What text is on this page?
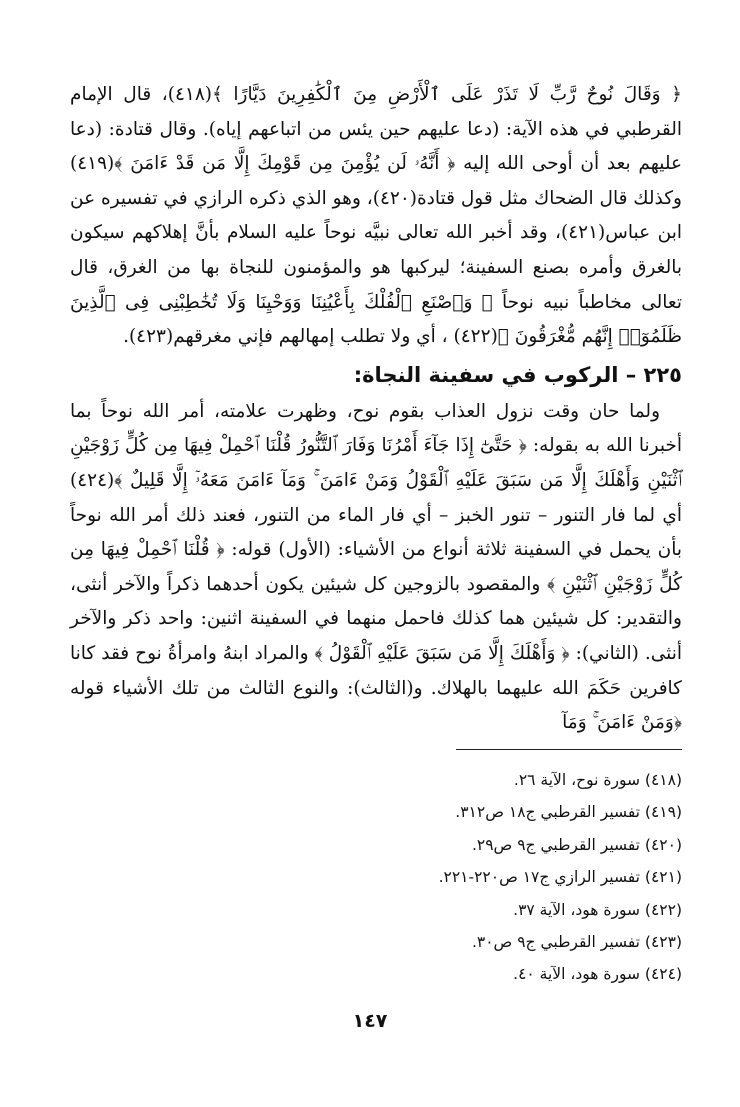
﴿ وَقَالَ نُوحٌ رَّبِّ لَا تَذَرْ عَلَى ٱلْأَرْضِ مِنَ ٱلْكَٰفِرِينَ دَيَّارًا ﴾(٤١٨)، قال الإمام القرطبي في هذه الآية: (دعا عليهم حين يئس من اتباعهم إياه). وقال قتادة: (دعا عليهم بعد أن أوحى الله إليه ﴿ أَنَّهُۥ لَن يُؤْمِنَ مِن قَوْمِكَ إِلَّا مَن قَدْ ءَامَنَ ﴾(٤١٩) وكذلك قال الضحاك مثل قول قتادة(٤٢٠)، وهو الذي ذكره الرازي في تفسيره عن ابن عباس(٤٢١)، وقد أخبر الله تعالى نبيَّه نوحاً عليه السلام بأنَّ إهلاكهم سيكون بالغرق وأمره بصنع السفينة؛ ليركبها هو والمؤمنون للنجاة بها من الغرق، قال تعالى مخاطباً نبيه نوحاً ﴿ وَٱصْنَعِ ٱلْفُلْكَ بِأَعْيُنِنَا وَوَحْيِنَا وَلَا تُخَٰطِبْنِى فِى ٱلَّذِينَ ظَلَمُوٓا۟ إِنَّهُم مُّغْرَقُونَ ﴾(٤٢٢) ، أي ولا تطلب إمهالهم فإني مغرقهم(٤٢٣).

٢٢٥ – الركوب في سفينة النجاة:

ولما حان وقت نزول العذاب بقوم نوح، وظهرت علامته، أمر الله نوحاً بما أخبرنا الله به بقوله: ﴿ حَتَّىٰٓ إِذَا جَآءَ أَمْرُنَا وَفَارَ ٱلتَّنُّورُ قُلْنَا ٱحْمِلْ فِيهَا مِن كُلٍّ زَوْجَيْنِ ٱثْنَيْنِ وَأَهْلَكَ إِلَّا مَن سَبَقَ عَلَيْهِ ٱلْقَوْلُ وَمَنْ ءَامَنَ ۚ وَمَآ ءَامَنَ مَعَهُۥٓ إِلَّا قَلِيلٌ ﴾(٤٢٤) أي لما فار التنور – تنور الخبز – أي فار الماء من التنور، فعند ذلك أمر الله نوحاً بأن يحمل في السفينة ثلاثة أنواع من الأشياء: (الأول) قوله: ﴿ قُلْنَا ٱحْمِلْ فِيهَا مِن كُلٍّ زَوْجَيْنِ ٱثْنَيْنِ ﴾ والمقصود بالزوجين كل شيئين يكون أحدهما ذكراً والآخر أنثى، والتقدير: كل شيئين هما كذلك فاحمل منهما في السفينة اثنين: واحد ذكر والآخر أنثى. (الثاني): ﴿ وَأَهْلَكَ إِلَّا مَن سَبَقَ عَلَيْهِ ٱلْقَوْلُ ﴾ والمراد ابنهُ وامرأةُ نوح فقد كانا كافرين حَكَمَ الله عليهما بالهلاك. و(الثالث): والنوع الثالث من تلك الأشياء قوله ﴿وَمَنْ ءَامَنَ ۚ وَمَآ

(٤١٨) سورة نوح، الآية ٢٦.
(٤١٩) تفسير القرطبي ج١٨ ص٣١٢.
(٤٢٠) تفسير القرطبي ج٩ ص٢٩.
(٤٢١) تفسير الرازي ج١٧ ص٢٢٠-٢٢١.
(٤٢٢) سورة هود، الآية ٣٧.
(٤٢٣) تفسير القرطبي ج٩ ص٣٠.
(٤٢٤) سورة هود، الآية ٤٠.
١٤٧
